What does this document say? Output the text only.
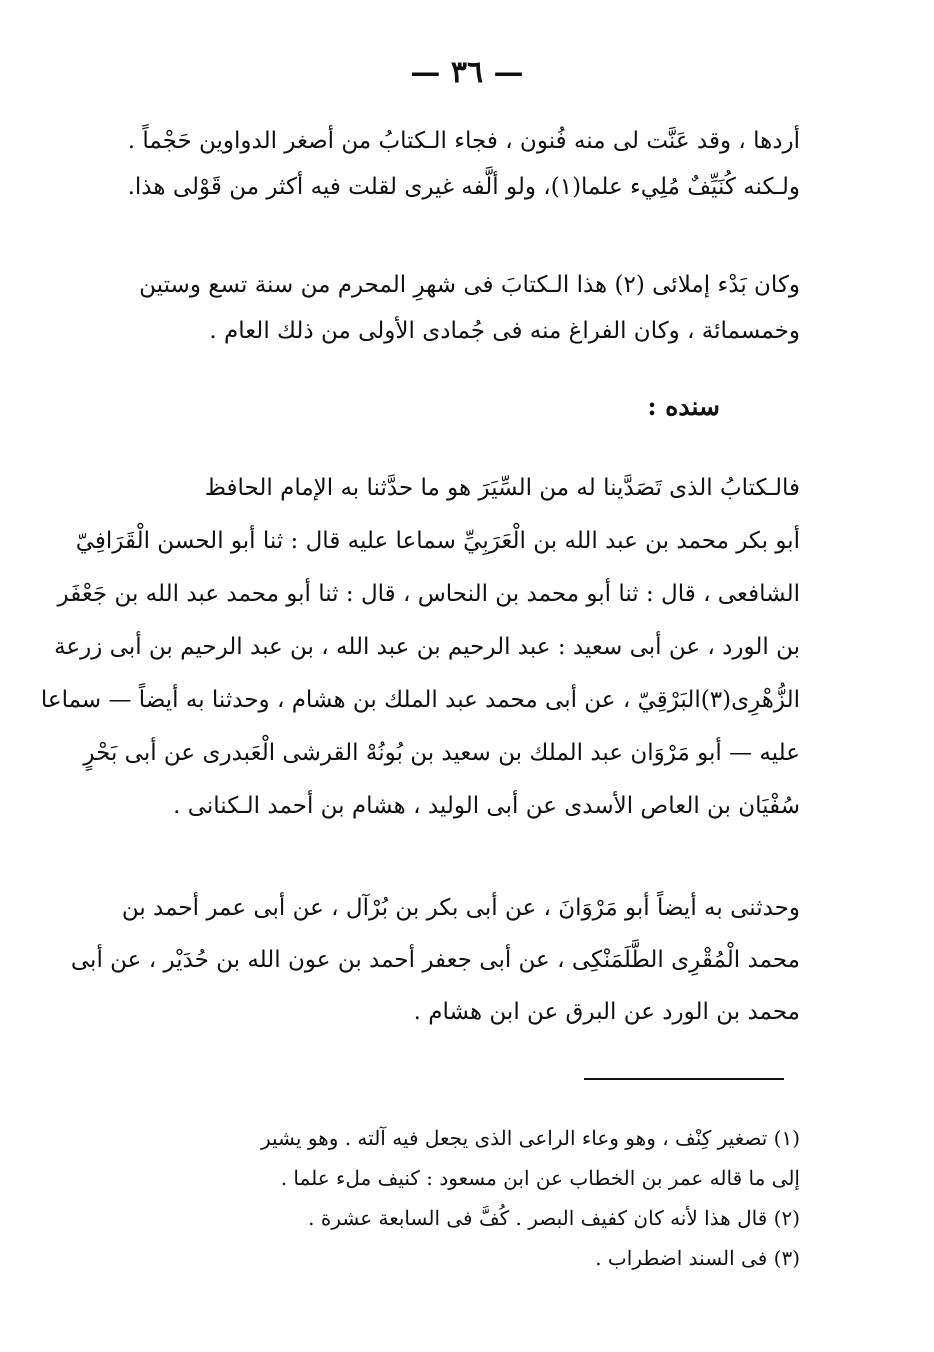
— ٣٦ —
أردها ، وقد عَنَّت لى منه فُنون ، فجاء الـكتابُ من أصغر الدواوين حَجْماً .
ولـكنه كُنَيِّفٌ مُلِيء علما(١)، ولو ألَّفه غيرى لقلت فيه أكثر من قَوْلى هذا.
وكان بَدْء إملائى (٢) هذا الـكتابَ فى شهرِ المحرم من سنة تسع وستين
وخمسمائة ، وكان الفراغ منه فى جُمادى الأولى من ذلك العام .
سنده :
فالـكتابُ الذى تَصَدَّينا له من السِّيَرَ هو ما حدَّثنا به الإمام الحافظ
أبو بكر محمد بن عبد الله بن الْعَرَبِيِّ سماعا عليه قال : ثنا أبو الحسن الْقَرَافِيّ
الشافعى ، قال : ثنا أبو محمد بن النحاس ، قال : ثنا أبو محمد عبد الله بن جَعْفَر
بن الورد ، عن أبى سعيد : عبد الرحيم بن عبد الله ، بن عبد الرحيم بن أبى زرعة
الزُّهْرِى(٣)البَرْقِيّ ، عن أبى محمد عبد الملك بن هشام ، وحدثنا به أيضاً — سماعا
عليه — أبو مَرْوَان عبد الملك بن سعيد بن بُونُهْ القرشى الْعَبدرى عن أبى بَحْرٍ
سُفْيَان بن العاص الأسدى عن أبى الوليد ، هشام بن أحمد الـكنانى .
وحدثنى به أيضاً أبو مَرْوَانَ ، عن أبى بكر بن بُرْآل ، عن أبى عمر أحمد بن
محمد الْمُقْرِى الطَّلَمَنْكِى ، عن أبى جعفر أحمد بن عون الله بن حُدَيْر ، عن أبى
محمد بن الورد عن البرق عن ابن هشام .
(١) تصغير كِنْف ، وهو وعاء الراعى الذى يجعل فيه آلته . وهو يشير
إلى ما قاله عمر بن الخطاب عن ابن مسعود : كنيف ملء علما .
(٢) قال هذا لأنه كان كفيف البصر . كُفَّ فى السابعة عشرة .
(٣) فى السند اضطراب .
